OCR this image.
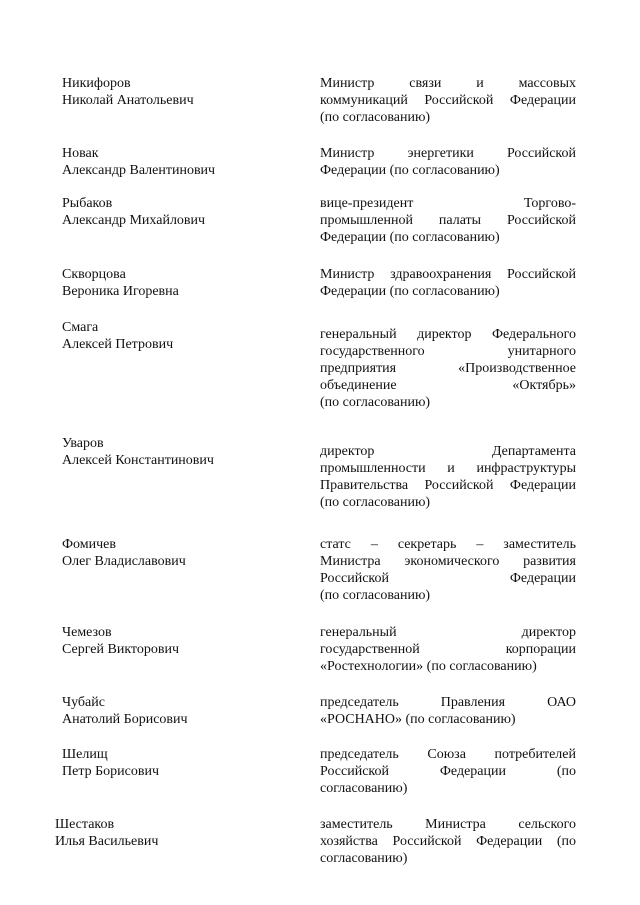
Никифоров
Николай Анатольевич
Министр связи и массовых
коммуникаций Российской Федерации
(по согласованию)
Новак
Александр Валентинович
Министр энергетики Российской
Федерации (по согласованию)
Рыбаков
Александр Михайлович
вице-президент Торгово-
промышленной палаты Российской
Федерации (по согласованию)
Скворцова
Вероника Игоревна
Министр здравоохранения Российской
Федерации (по согласованию)
Смага
Алексей Петрович
генеральный директор Федерального
государственного унитарного
предприятия «Производственное
объединение «Октябрь»
(по согласованию)
Уваров
Алексей Константинович
директор Департамента
промышленности и инфраструктуры
Правительства Российской Федерации
(по согласованию)
Фомичев
Олег Владиславович
статс – секретарь – заместитель
Министра экономического развития
Российской Федерации
(по согласованию)
Чемезов
Сергей Викторович
генеральный директор
государственной корпорации
«Ростехнологии» (по согласованию)
Чубайс
Анатолий Борисович
председатель Правления ОАО
«РОСНАНО» (по согласованию)
Шелищ
Петр Борисович
председатель Союза потребителей
Российской Федерации (по
согласованию)
Шестаков
Илья Васильевич
заместитель Министра сельского
хозяйства Российской Федерации (по
согласованию)
